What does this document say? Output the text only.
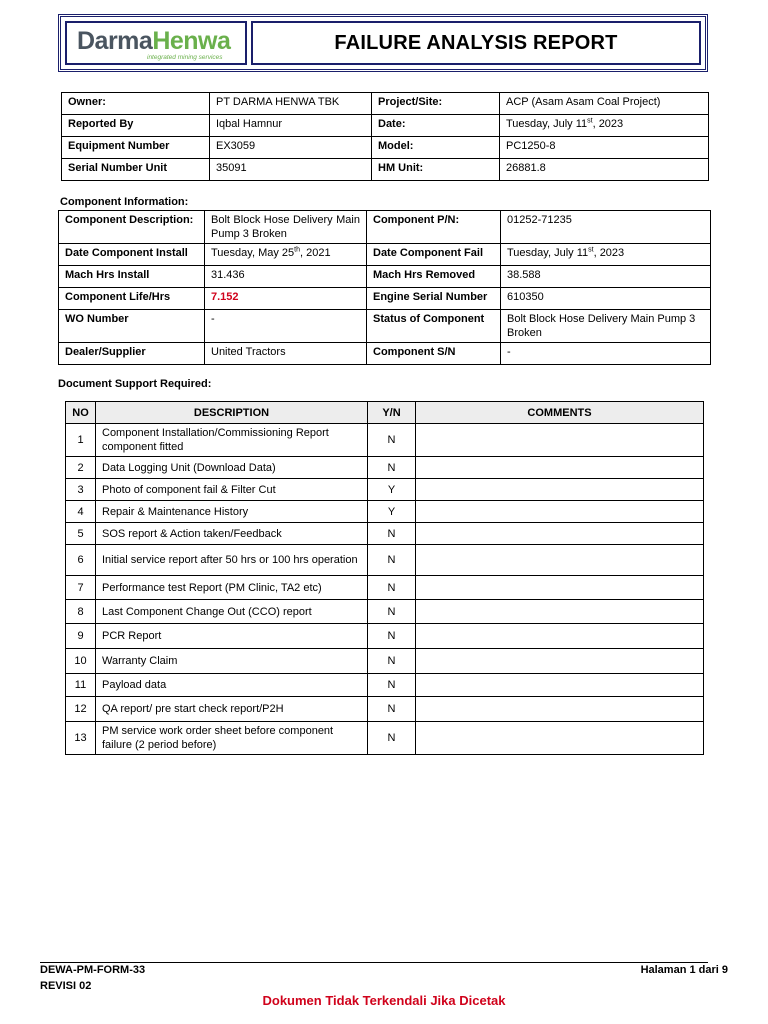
DarmaHenwa
integrated mining services
FAILURE ANALYSIS REPORT
Owner:	PT DARMA HENWA TBK	Project/Site:	ACP (Asam Asam Coal Project)
Reported By	Iqbal Hamnur	Date:	Tuesday, July 11st, 2023
Equipment Number	EX3059	Model:	PC1250-8
Serial Number Unit	35091	HM Unit:	26881.8
Component Information:
Component Description:	Bolt Block Hose Delivery Main Pump 3 Broken	Component P/N:	01252-71235
Date Component Install	Tuesday, May 25th, 2021	Date Component Fail	Tuesday, July 11st, 2023
Mach Hrs Install	31.436	Mach Hrs Removed	38.588
Component Life/Hrs	7.152	Engine Serial Number	610350
WO Number	-	Status of Component	Bolt Block Hose Delivery Main Pump 3 Broken
Dealer/Supplier	United Tractors	Component S/N	-
Document Support Required:
NO	DESCRIPTION	Y/N	COMMENTS
1	Component Installation/Commissioning Report component fitted	N	
2	Data Logging Unit (Download Data)	N	
3	Photo of component fail & Filter Cut	Y	
4	Repair & Maintenance History	Y	
5	SOS report & Action taken/Feedback	N	
6	Initial service report after 50 hrs or 100 hrs operation	N	
7	Performance test Report (PM Clinic, TA2 etc)	N	
8	Last Component Change Out (CCO) report	N	
9	PCR Report	N	
10	Warranty Claim	N	
11	Payload data	N	
12	QA report/ pre start check report/P2H	N	
13	PM service work order sheet before component failure (2 period before)	N	
DEWA-PM-FORM-33
REVISI 02
Halaman 1 dari 9
Dokumen Tidak Terkendali Jika Dicetak
